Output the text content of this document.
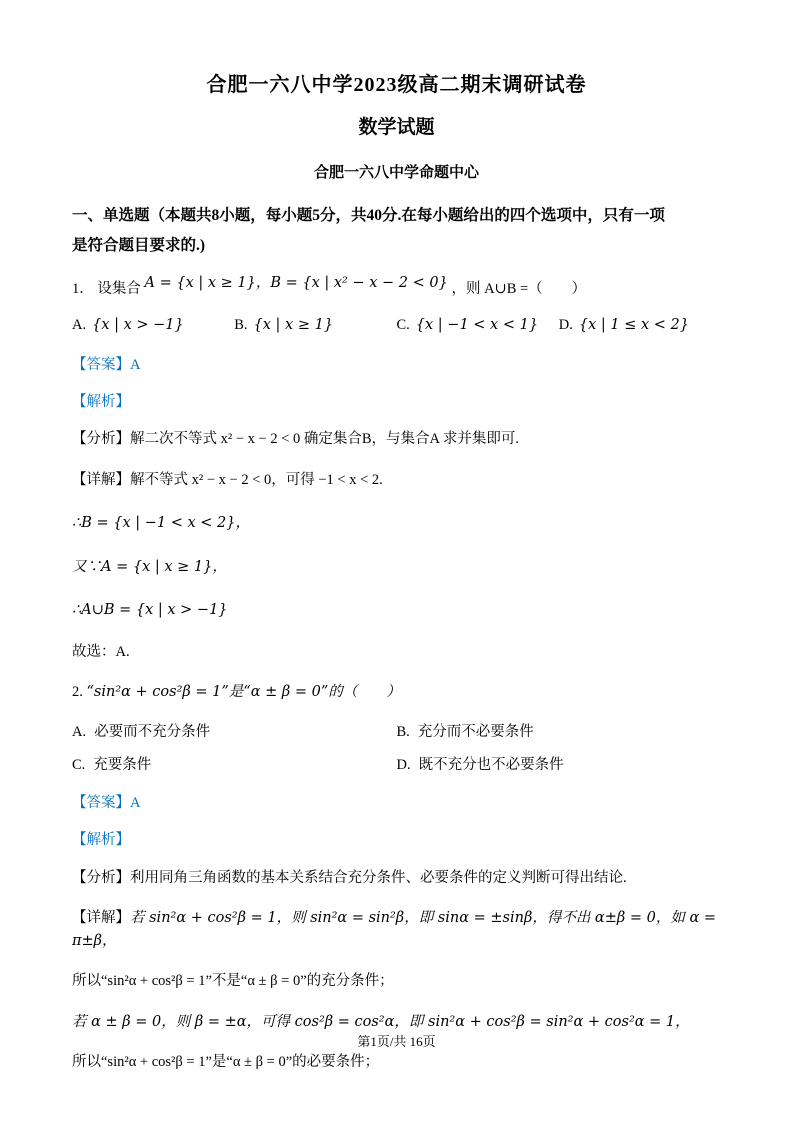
合肥一六八中学2023级高二期末调研试卷
数学试题
合肥一六八中学命题中心

一、单选题（本题共8小题，每小题5分，共40分.在每小题给出的四个选项中，只有一项

是符合题目要求的.)

1． 设集合 A = {x | x ≥ 1}，B = {x | x² − x − 2 < 0} ，则 A∪B =（　　）

A. {x | x > −1}	B. {x | x ≥ 1}	C. {x | −1 < x < 1}	D. {x | 1 ≤ x < 2}

【答案】A

【解析】

【分析】解二次不等式 x² − x − 2 < 0 确定集合B，与集合A 求并集即可.

【详解】解不等式 x² − x − 2 < 0，可得 −1 < x < 2.

∴B = {x | −1 < x < 2}，

又∵A = {x | x ≥ 1}，

∴A∪B = {x | x > −1}

故选：A.

2. “sin²α + cos²β = 1”是“α ± β = 0”的（　　）

A. 必要而不充分条件	B. 充分而不必要条件
C. 充要条件	D. 既不充分也不必要条件

【答案】A

【解析】

【分析】利用同角三角函数的基本关系结合充分条件、必要条件的定义判断可得出结论.

【详解】若 sin²α + cos²β = 1，则 sin²α = sin²β，即 sinα = ±sinβ，得不出 α±β = 0，如 α = π±β，

所以“sin²α + cos²β = 1”不是“α ± β = 0”的充分条件；

若 α ± β = 0，则 β = ±α，可得 cos²β = cos²α，即 sin²α + cos²β = sin²α + cos²α = 1，

所以“sin²α + cos²β = 1”是“α ± β = 0”的必要条件；

第1页/共 16页
